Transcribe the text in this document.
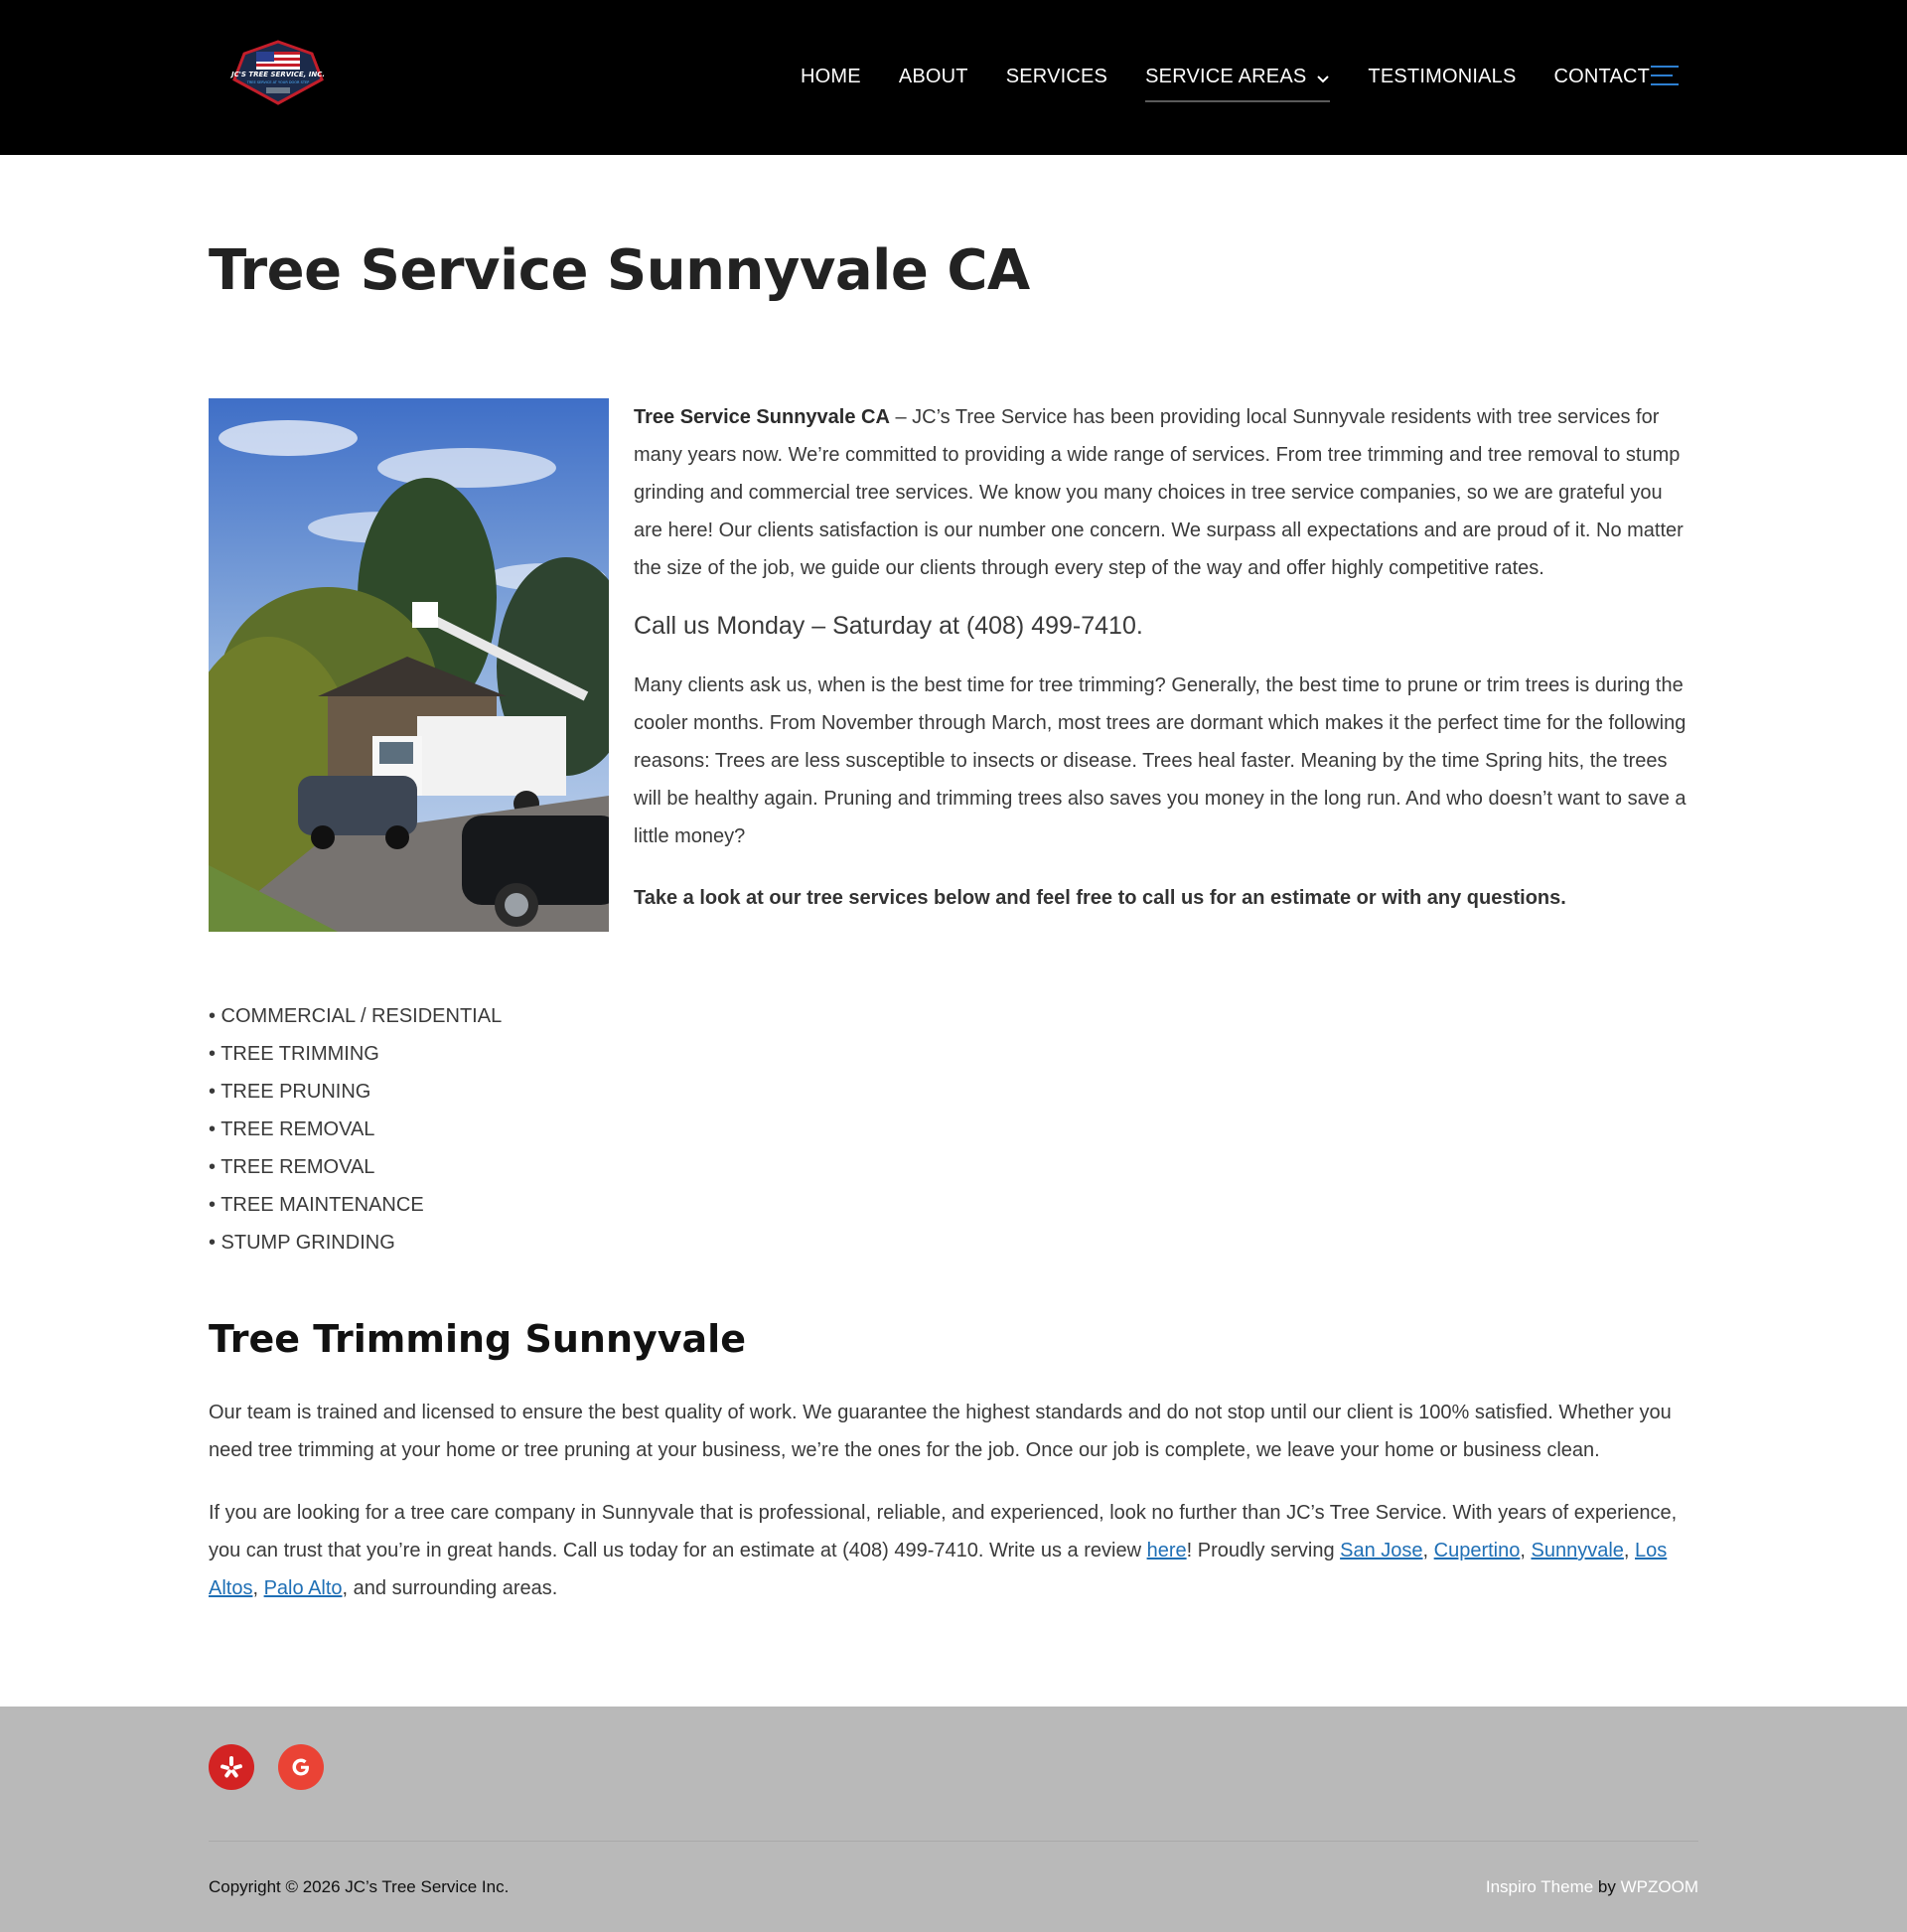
JC'S TREE SERVICE, INC.
TREE SERVICE AT YOUR DOOR STEP	HOME ABOUT SERVICES SERVICE AREAS	TESTIMONIALS CONTACT
Tree Service Sunnyvale CA

Tree Service Sunnyvale CA – JC’s Tree Service has been providing local Sunnyvale residents with tree services for many years now. We’re committed to providing a wide range of services. From tree trimming and tree removal to stump grinding and commercial tree services. We know you many choices in tree service companies, so we are grateful you are here! Our clients satisfaction is our number one concern. We surpass all expectations and are proud of it. No matter the size of the job, we guide our clients through every step of the way and offer highly competitive rates.

Call us Monday – Saturday at (408) 499-7410.

Many clients ask us, when is the best time for tree trimming? Generally, the best time to prune or trim trees is during the cooler months. From November through March, most trees are dormant which makes it the perfect time for the following reasons: Trees are less susceptible to insects or disease. Trees heal faster. Meaning by the time Spring hits, the trees will be healthy again. Pruning and trimming trees also saves you money in the long run. And who doesn’t want to save a little money?

Take a look at our tree services below and feel free to call us for an estimate or with any questions.

• COMMERCIAL / RESIDENTIAL
• TREE TRIMMING
• TREE PRUNING
• TREE REMOVAL
• TREE REMOVAL
• TREE MAINTENANCE
• STUMP GRINDING
Tree Trimming Sunnyvale

Our team is trained and licensed to ensure the best quality of work. We guarantee the highest standards and do not stop until our client is 100% satisfied. Whether you need tree trimming at your home or tree pruning at your business, we’re the ones for the job. Once our job is complete, we leave your home or business clean.

If you are looking for a tree care company in Sunnyvale that is professional, reliable, and experienced, look no further than JC’s Tree Service. With years of experience, you can trust that you’re in great hands. Call us today for an estimate at (408) 499-7410. Write us a review here! Proudly serving San Jose, Cupertino, Sunnyvale, Los Altos, Palo Alto, and surrounding areas.

Copyright © 2026 JC’s Tree Service Inc.	Inspiro Theme by WPZOOM
